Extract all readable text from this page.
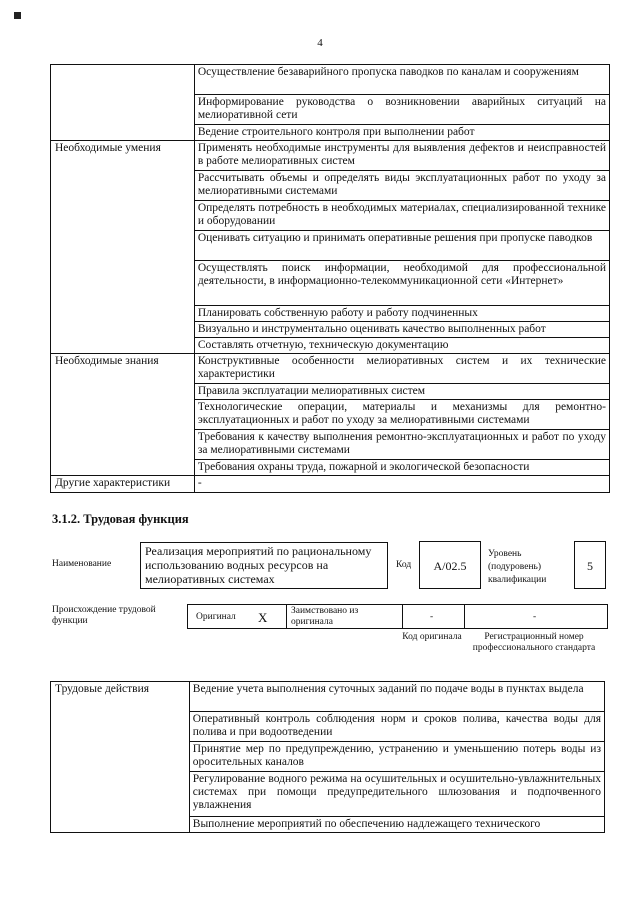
4
	Осуществление безаварийного пропуска паводков по каналам и сооружениям
	Информирование руководства о возникновении аварийных ситуаций на мелиоративной сети
	Ведение строительного контроля при выполнении работ
Необходимые умения	Применять необходимые инструменты для выявления дефектов и неисправностей в работе мелиоративных систем
	Рассчитывать объемы и определять виды эксплуатационных работ по уходу за мелиоративными системами
	Определять потребность в необходимых материалах, специализированной технике и оборудовании
	Оценивать ситуацию и принимать оперативные решения при пропуске паводков
	Осуществлять поиск информации, необходимой для профессиональной деятельности, в информационно-телекоммуникационной сети «Интернет»
	Планировать собственную работу и работу подчиненных
	Визуально и инструментально оценивать качество выполненных работ
	Составлять отчетную, техническую документацию
Необходимые знания	Конструктивные особенности мелиоративных систем и их технические характеристики
	Правила эксплуатации мелиоративных систем
	Технологические операции, материалы и механизмы для ремонтно-эксплуатационных и работ по уходу за мелиоративными системами
	Требования к качеству выполнения ремонтно-эксплуатационных и работ по уходу за мелиоративными системами
	Требования охраны труда, пожарной и экологической безопасности
Другие характеристики	-
3.1.2. Трудовая функция
Наименование
Реализация мероприятий по рациональному использованию водных ресурсов на мелиоративных системах
Код	A/02.5
Уровень (подуровень) квалификации
5
Происхождение трудовой функции	Оригинал X Заимствовано из оригинала	-	-
Код оригинала	Регистрационный номер профессионального стандарта
Трудовые действия	Ведение учета выполнения суточных заданий по подаче воды в пунктах выдела
Оперативный контроль соблюдения норм и сроков полива, качества воды для полива и при водоотведении
Принятие мер по предупреждению, устранению и уменьшению потерь воды из оросительных каналов
Регулирование водного режима на осушительных и осушительно-увлажнительных системах при помощи предупредительного шлюзования и подпочвенного увлажнения
Выполнение мероприятий по обеспечению надлежащего технического
